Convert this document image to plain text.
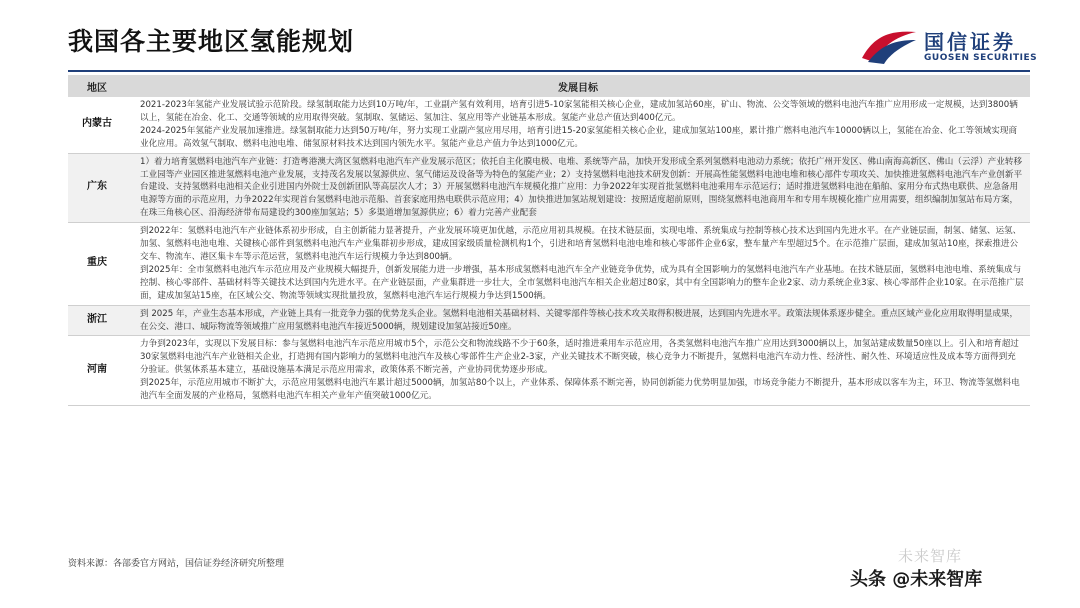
我国各主要地区氢能规划	国信证券
GUOSEN SECURITIES
地区	发展目标
内蒙古	2021-2023年氢能产业发展试验示范阶段。绿氢制取能力达到10万吨/年，工业副产氢有效利用，培育引进5-10家氢能相关核心企业，建成加氢站60座，矿山、物流、公交等领域的燃料电池汽车推广应用形成一定规模，达到3800辆以上，氢能在冶金、化工、交通等领域的应用取得突破。氢制取、氢储运、氢加注、氢应用等产业链基本形成。氢能产业总产值达到400亿元。
2024-2025年氢能产业发展加速推进。绿氢制取能力达到50万吨/年，努力实现工业副产氢应用尽用，培育引进15-20家氢能相关核心企业，建成加氢站100座，累计推广燃料电池汽车10000辆以上，氢能在冶金、化工等领域实现商业化应用。高效氢气制取、燃料电池电堆、储氢原材料技术达到国内领先水平。氢能产业总产值力争达到1000亿元。

广东	1）着力培育氢燃料电池汽车产业链：打造粤港澳大湾区氢燃料电池汽车产业发展示范区；依托自主化膜电极、电堆、系统等产品，加快开发形成全系列氢燃料电池动力系统；依托广州开发区、佛山南海高新区、佛山（云浮）产业转移工业园等产业园区推进氢燃料电池产业发展，支持茂名发展以氢源供应、氢气储运及设备等为特色的氢能产业；2）支持氢燃料电池技术研发创新：开展高性能氢燃料电池电堆和核心部件专项攻关、加快推进氢燃料电池汽车产业创新平台建设、支持氢燃料电池相关企业引进国内外院士及创新团队等高层次人才；3）开展氢燃料电池汽车规模化推广应用：力争2022年实现首批氢燃料电池乘用车示范运行；适时推进氢燃料电池在船舶、家用分布式热电联供、应急备用电源等方面的示范应用，力争2022年实现首台氢燃料电池示范船、首套家庭用热电联供示范应用；4）加快推进加氢站规划建设：按照适度超前原则，围绕氢燃料电池商用车和专用车规模化推广应用需要，组织编制加氢站布局方案，在珠三角核心区、沿海经济带布局建设约300座加氢站；5）多渠道增加氢源供应；6）着力完善产业配套

重庆	到2022年：氢燃料电池汽车产业链体系初步形成，自主创新能力显著提升，产业发展环境更加优越，示范应用初具规模。在技术链层面，实现电堆、系统集成与控制等核心技术达到国内先进水平。在产业链层面，制氢、储氢、运氢、加氢、氢燃料电池电堆、关键核心部件到氢燃料电池汽车产业集群初步形成，建成国家级质量检测机构1个，引进和培育氢燃料电池电堆和核心零部件企业6家，整车量产车型超过5个。在示范推广层面，建成加氢站10座，探索推进公交车、物流车、港区集卡车等示范运营，氢燃料电池汽车运行规模力争达到800辆。
到2025年：全市氢燃料电池汽车示范应用及产业规模大幅提升，创新发展能力进一步增强，基本形成氢燃料电池汽车全产业链竞争优势，成为具有全国影响力的氢燃料电池汽车产业基地。在技术链层面，氢燃料电池电堆、系统集成与控制、核心零部件、基础材料等关键技术达到国内先进水平。在产业链层面，产业集群进一步壮大，全市氢燃料电池汽车相关企业超过80家，其中有全国影响力的整车企业2家、动力系统企业3家、核心零部件企业10家。在示范推广层面，建成加氢站15座，在区域公交、物流等领域实现批量投放，氢燃料电池汽车运行规模力争达到1500辆。

浙江	到 2025 年，产业生态基本形成，产业链上具有一批竞争力强的优势龙头企业。氢燃料电池相关基础材料、关键零部件等核心技术攻关取得积极进展，达到国内先进水平。政策法规体系逐步健全。重点区域产业化应用取得明显成果，在公交、港口、城际物流等领域推广应用氢燃料电池汽车接近5000辆，规划建设加氢站接近50座。

河南	力争到2023年，实现以下发展目标：参与氢燃料电池汽车示范应用城市5个，示范公交和物流线路不少于60条，适时推进乘用车示范应用，各类氢燃料电池汽车推广应用达到3000辆以上，加氢站建成数量50座以上。引入和培育超过30家氢燃料电池汽车产业链相关企业，打造拥有国内影响力的氢燃料电池汽车及核心零部件生产企业2-3家，产业关键技术不断突破，核心竞争力不断提升，氢燃料电池汽车动力性、经济性、耐久性、环境适应性及成本等方面得到充分验证。供氢体系基本建立，基础设施基本满足示范应用需求，政策体系不断完善，产业协同优势逐步形成。
到2025年，示范应用城市不断扩大，示范应用氢燃料电池汽车累计超过5000辆，加氢站80个以上，产业体系、保障体系不断完善，协同创新能力优势明显加强，市场竞争能力不断提升，基本形成以客车为主，环卫、物流等氢燃料电池汽车全面发展的产业格局，氢燃料电池汽车相关产业年产值突破1000亿元。
资料来源：各部委官方网站，国信证券经济研究所整理	未来智库
头条 @未来智库
